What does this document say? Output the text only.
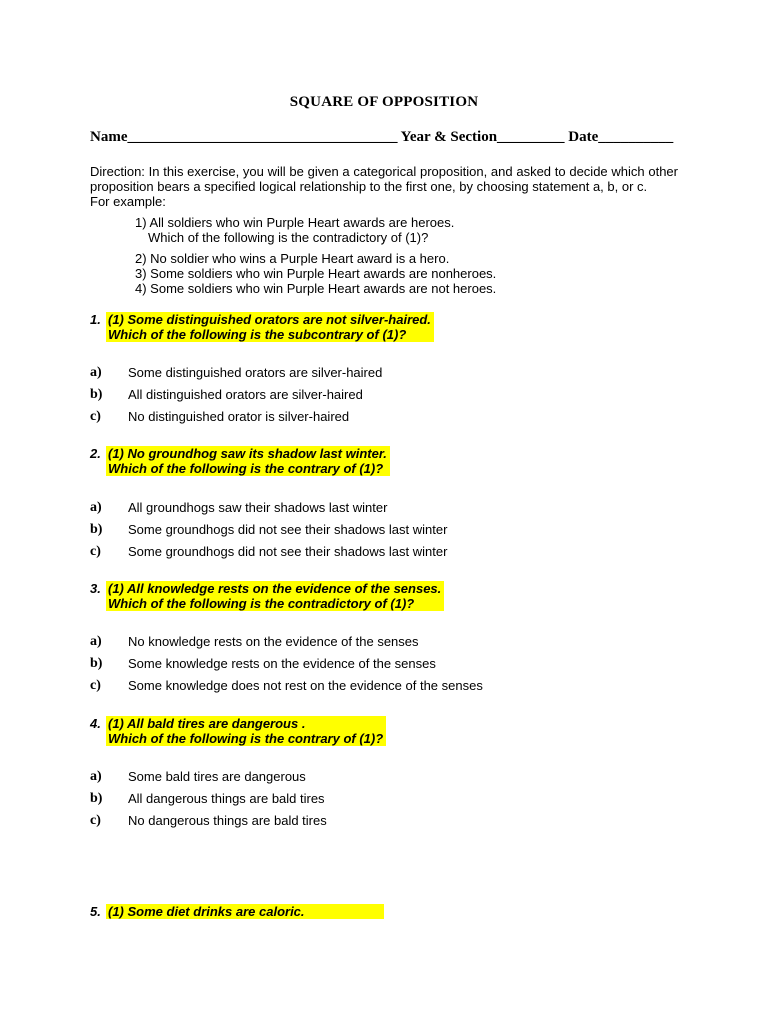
SQUARE OF OPPOSITION
Name____________________________________ Year & Section_________ Date__________
Direction: In this exercise, you will be given a categorical proposition, and asked to decide which other proposition bears a specified logical relationship to the first one, by choosing statement a, b, or c.
For example:
1) All soldiers who win Purple Heart awards are heroes.
Which of the following is the contradictory of (1)?
2) No soldier who wins a Purple Heart award is a hero.
3) Some soldiers who win Purple Heart awards are nonheroes.
4) Some soldiers who win Purple Heart awards are not heroes.
1. (1) Some distinguished orators are not silver-haired.
Which of the following is the subcontrary of (1)?
a) Some distinguished orators are silver-haired
b) All distinguished orators are silver-haired
c) No distinguished orator is silver-haired
2. (1) No groundhog saw its shadow last winter.
Which of the following is the contrary of (1)?
a) All groundhogs saw their shadows last winter
b) Some groundhogs did not see their shadows last winter
c) Some groundhogs did not see their shadows last winter
3. (1) All knowledge rests on the evidence of the senses.
Which of the following is the contradictory of (1)?
a) No knowledge rests on the evidence of the senses
b) Some knowledge rests on the evidence of the senses
c) Some knowledge does not rest on the evidence of the senses
4. (1) All bald tires are dangerous .
Which of the following is the contrary of (1)?
a) Some bald tires are dangerous
b) All dangerous things are bald tires
c) No dangerous things are bald tires
5. (1) Some diet drinks are caloric.
